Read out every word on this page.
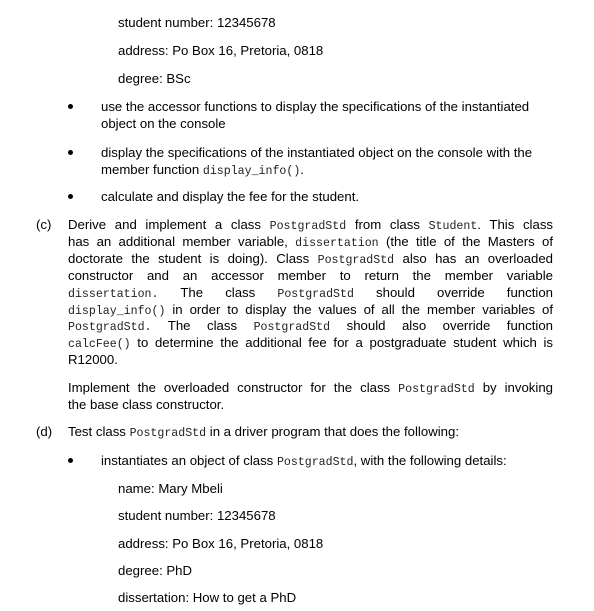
student number: 12345678
address: Po Box 16, Pretoria, 0818
degree: BSc
use the accessor functions to display the specifications of the instantiated
object on the console
display the specifications of the instantiated object on the console with the
member function display_info().
calculate and display the fee for the student.
(c) Derive and implement a class PostgradStd from class Student. This class
has an additional member variable, dissertation (the title of the Masters of
doctorate the student is doing). Class PostgradStd also has an overloaded
constructor and an accessor member to return the member variable
dissertation. The class PostgradStd should override function
display_info() in order to display the values of all the member variables of
PostgradStd. The class PostgradStd should also override function
calcFee() to determine the additional fee for a postgraduate student which is
R12000.
Implement the overloaded constructor for the class PostgradStd by invoking
the base class constructor.
(d) Test class PostgradStd in a driver program that does the following:
instantiates an object of class PostgradStd, with the following details:
name: Mary Mbeli
student number: 12345678
address: Po Box 16, Pretoria, 0818
degree: PhD
dissertation: How to get a PhD
